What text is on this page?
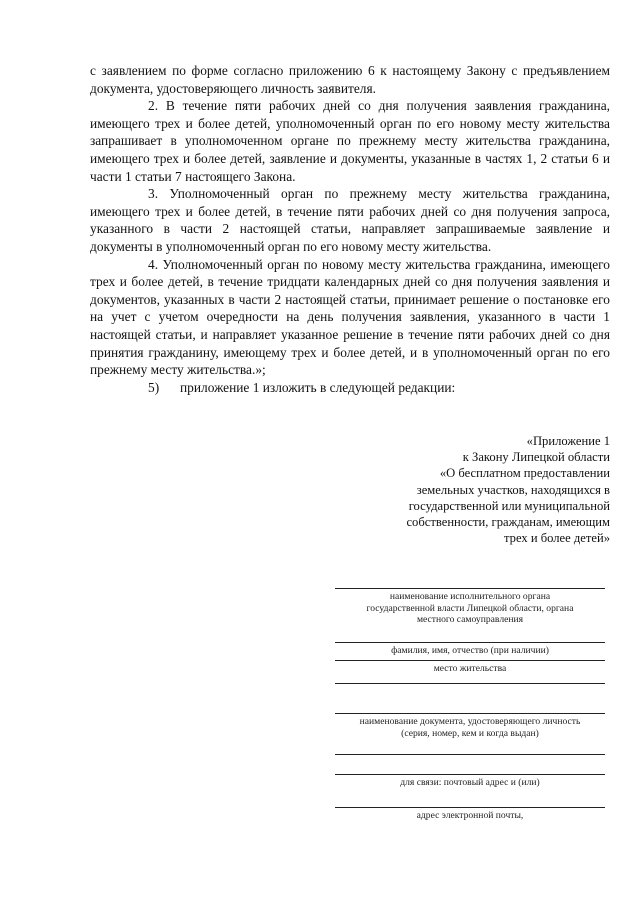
с заявлением по форме согласно приложению 6 к настоящему Закону с предъявлением документа, удостоверяющего личность заявителя.

2. В течение пяти рабочих дней со дня получения заявления гражданина, имеющего трех и более детей, уполномоченный орган по его новому месту жительства запрашивает в уполномоченном органе по прежнему месту жительства гражданина, имеющего трех и более детей, заявление и документы, указанные в частях 1, 2 статьи 6 и части 1 статьи 7 настоящего Закона.

3. Уполномоченный орган по прежнему месту жительства гражданина, имеющего трех и более детей, в течение пяти рабочих дней со дня получения запроса, указанного в части 2 настоящей статьи, направляет запрашиваемые заявление и документы в уполномоченный орган по его новому месту жительства.

4. Уполномоченный орган по новому месту жительства гражданина, имеющего трех и более детей, в течение тридцати календарных дней со дня получения заявления и документов, указанных в части 2 настоящей статьи, принимает решение о постановке его на учет с учетом очередности на день получения заявления, указанного в части 1 настоящей статьи, и направляет указанное решение в течение пяти рабочих дней со дня принятия гражданину, имеющему трех и более детей, и в уполномоченный орган по его прежнему месту жительства.»;

5) приложение 1 изложить в следующей редакции:

«Приложение 1
к Закону Липецкой области
«О бесплатном предоставлении
земельных участков, находящихся в
государственной или муниципальной
собственности, гражданам, имеющим
трех и более детей»
наименование исполнительного органа
государственной власти Липецкой области, органа
местного самоуправления
фамилия, имя, отчество (при наличии)
место жительства
наименование документа, удостоверяющего личность
(серия, номер, кем и когда выдан)
для связи: почтовый адрес и (или)
адрес электронной почты,
